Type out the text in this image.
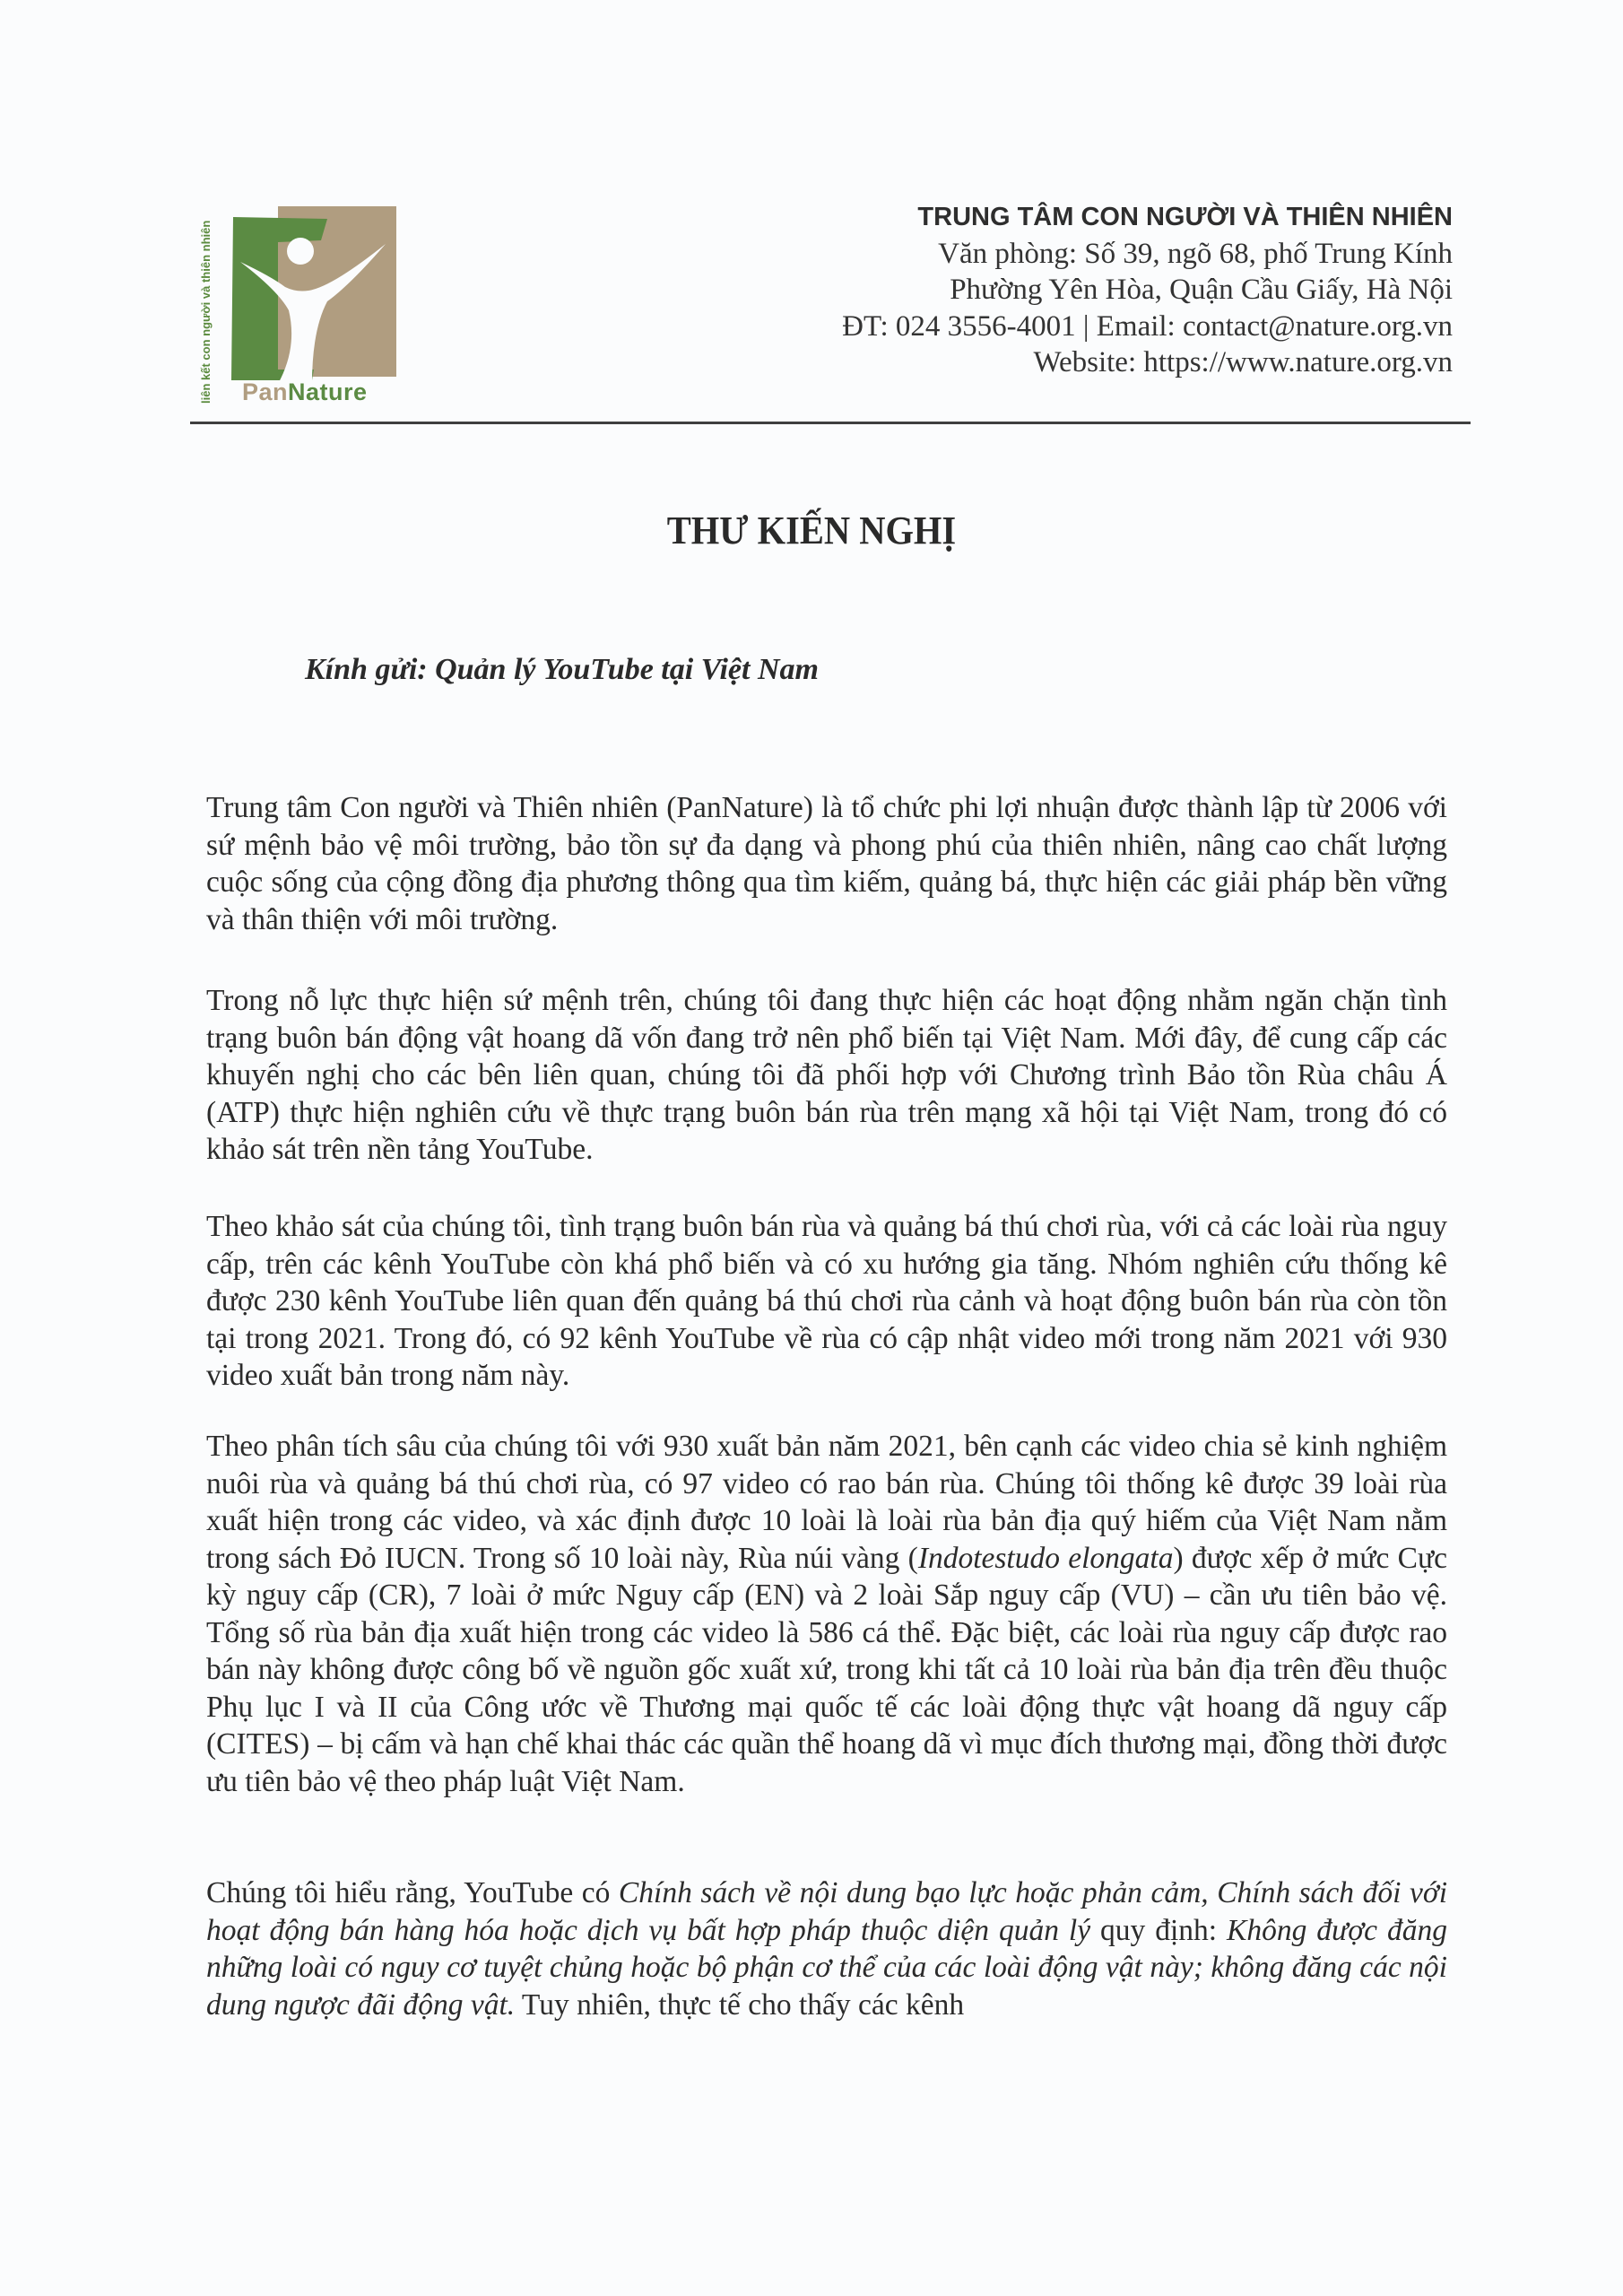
liên kết con người và thiên nhiên PanNature
TRUNG TÂM CON NGƯỜI VÀ THIÊN NHIÊN
Văn phòng: Số 39, ngõ 68, phố Trung Kính
Phường Yên Hòa, Quận Cầu Giấy, Hà Nội
ĐT: 024 3556-4001 | Email: contact@nature.org.vn
Website: https://www.nature.org.vn
THƯ KIẾN NGHỊ
Kính gửi: Quản lý YouTube tại Việt Nam
Trung tâm Con người và Thiên nhiên (PanNature) là tổ chức phi lợi nhuận được thành lập từ 2006 với sứ mệnh bảo vệ môi trường, bảo tồn sự đa dạng và phong phú của thiên nhiên, nâng cao chất lượng cuộc sống của cộng đồng địa phương thông qua tìm kiếm, quảng bá, thực hiện các giải pháp bền vững và thân thiện với môi trường.
Trong nỗ lực thực hiện sứ mệnh trên, chúng tôi đang thực hiện các hoạt động nhằm ngăn chặn tình trạng buôn bán động vật hoang dã vốn đang trở nên phổ biến tại Việt Nam. Mới đây, để cung cấp các khuyến nghị cho các bên liên quan, chúng tôi đã phối hợp với Chương trình Bảo tồn Rùa châu Á (ATP) thực hiện nghiên cứu về thực trạng buôn bán rùa trên mạng xã hội tại Việt Nam, trong đó có khảo sát trên nền tảng YouTube.
Theo khảo sát của chúng tôi, tình trạng buôn bán rùa và quảng bá thú chơi rùa, với cả các loài rùa nguy cấp, trên các kênh YouTube còn khá phổ biến và có xu hướng gia tăng. Nhóm nghiên cứu thống kê được 230 kênh YouTube liên quan đến quảng bá thú chơi rùa cảnh và hoạt động buôn bán rùa còn tồn tại trong 2021. Trong đó, có 92 kênh YouTube về rùa có cập nhật video mới trong năm 2021 với 930 video xuất bản trong năm này.
Theo phân tích sâu của chúng tôi với 930 xuất bản năm 2021, bên cạnh các video chia sẻ kinh nghiệm nuôi rùa và quảng bá thú chơi rùa, có 97 video có rao bán rùa. Chúng tôi thống kê được 39 loài rùa xuất hiện trong các video, và xác định được 10 loài là loài rùa bản địa quý hiếm của Việt Nam nằm trong sách Đỏ IUCN. Trong số 10 loài này, Rùa núi vàng (Indotestudo elongata) được xếp ở mức Cực kỳ nguy cấp (CR), 7 loài ở mức Nguy cấp (EN) và 2 loài Sắp nguy cấp (VU) – cần ưu tiên bảo vệ. Tổng số rùa bản địa xuất hiện trong các video là 586 cá thể. Đặc biệt, các loài rùa nguy cấp được rao bán này không được công bố về nguồn gốc xuất xứ, trong khi tất cả 10 loài rùa bản địa trên đều thuộc Phụ lục I và II của Công ước về Thương mại quốc tế các loài động thực vật hoang dã nguy cấp (CITES) – bị cấm và hạn chế khai thác các quần thể hoang dã vì mục đích thương mại, đồng thời được ưu tiên bảo vệ theo pháp luật Việt Nam.
Chúng tôi hiểu rằng, YouTube có Chính sách về nội dung bạo lực hoặc phản cảm, Chính sách đối với hoạt động bán hàng hóa hoặc dịch vụ bất hợp pháp thuộc diện quản lý quy định: Không được đăng những loài có nguy cơ tuyệt chủng hoặc bộ phận cơ thể của các loài động vật này; không đăng các nội dung ngược đãi động vật. Tuy nhiên, thực tế cho thấy các kênh
